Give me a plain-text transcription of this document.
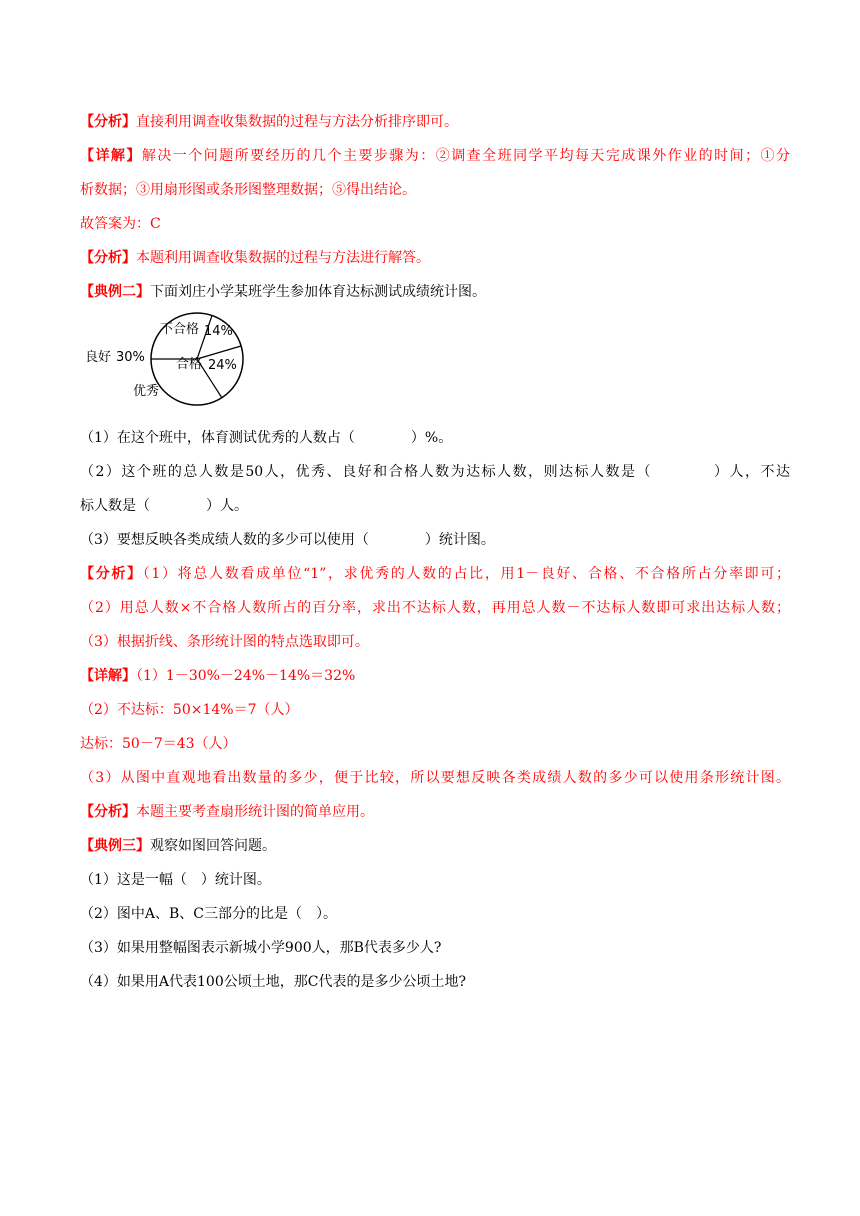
【分析】直接利用调查收集数据的过程与方法分析排序即可。
【详解】解决一个问题所要经历的几个主要步骤为：②调查全班同学平均每天完成课外作业的时间；①分
析数据；③用扇形图或条形图整理数据；⑤得出结论。
故答案为：C
【分析】本题利用调查收集数据的过程与方法进行解答。
【典例二】下面刘庄小学某班学生参加体育达标测试成绩统计图。
不合格 14%
合格 24%
良好 30%
优秀
（1）在这个班中，体育测试优秀的人数占（　　　　）%。
（2）这个班的总人数是50人，优秀、良好和合格人数为达标人数，则达标人数是（　　　　）人，不达
标人数是（　　　　）人。
（3）要想反映各类成绩人数的多少可以使用（　　　　）统计图。
【分析】（1）将总人数看成单位“1”，求优秀的人数的占比，用1－良好、合格、不合格所占分率即可；
（2）用总人数×不合格人数所占的百分率，求出不达标人数，再用总人数－不达标人数即可求出达标人数；
（3）根据折线、条形统计图的特点选取即可。
【详解】（1）1－30%－24%－14%＝32%
（2）不达标：50×14%＝7（人）
达标：50－7＝43（人）
（3）从图中直观地看出数量的多少，便于比较，所以要想反映各类成绩人数的多少可以使用条形统计图。
【分析】本题主要考查扇形统计图的简单应用。
【典例三】观察如图回答问题。
（1）这是一幅（　）统计图。
（2）图中A、B、C三部分的比是（　）。
（3）如果用整幅图表示新城小学900人，那B代表多少人?
（4）如果用A代表100公顷土地，那C代表的是多少公顷土地?
